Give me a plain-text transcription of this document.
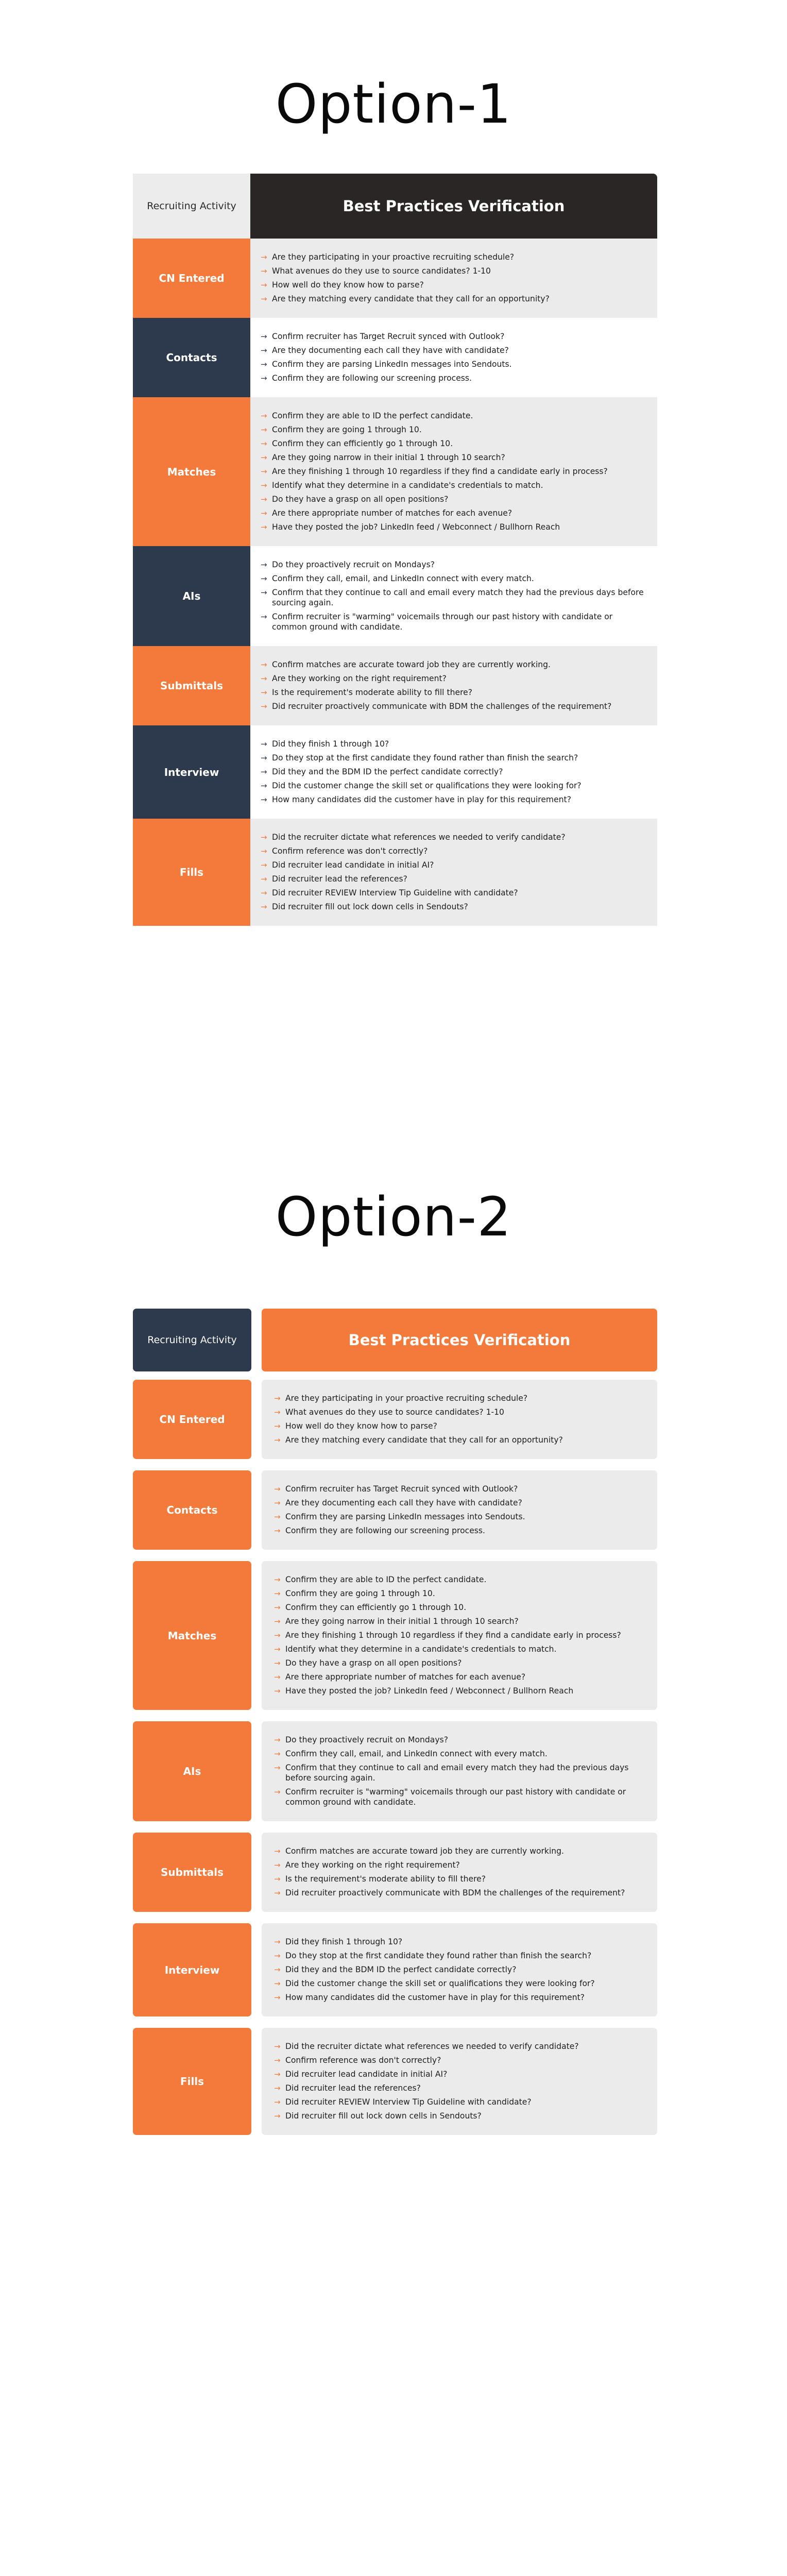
Option-1
Recruiting Activity	Best Practices Verification
CN Entered
→ Are they participating in your proactive recruiting schedule?
→ What avenues do they use to source candidates? 1-10
→ How well do they know how to parse?
→ Are they matching every candidate that they call for an opportunity?
Contacts
→ Confirm recruiter has Target Recruit synced with Outlook?
→ Are they documenting each call they have with candidate?
→ Confirm they are parsing LinkedIn messages into Sendouts.
→ Confirm they are following our screening process.
Matches
→ Confirm they are able to ID the perfect candidate.
→ Confirm they are going 1 through 10.
→ Confirm they can efficiently go 1 through 10.
→ Are they going narrow in their initial 1 through 10 search?
→ Are they finishing 1 through 10 regardless if they find a candidate early in process?
→ Identify what they determine in a candidate's credentials to match.
→ Do they have a grasp on all open positions?
→ Are there appropriate number of matches for each avenue?
→ Have they posted the job? LinkedIn feed / Webconnect / Bullhorn Reach
AIs
→ Do they proactively recruit on Mondays?
→ Confirm they call, email, and LinkedIn connect with every match.
→ Confirm that they continue to call and email every match they had the previous days before sourcing again.
→ Confirm recruiter is "warming" voicemails through our past history with candidate or common ground with candidate.
Submittals
→ Confirm matches are accurate toward job they are currently working.
→ Are they working on the right requirement?
→ Is the requirement's moderate ability to fill there?
→ Did recruiter proactively communicate with BDM the challenges of the requirement?
Interview
→ Did they finish 1 through 10?
→ Do they stop at the first candidate they found rather than finish the search?
→ Did they and the BDM ID the perfect candidate correctly?
→ Did the customer change the skill set or qualifications they were looking for?
→ How many candidates did the customer have in play for this requirement?
Fills
→ Did the recruiter dictate what references we needed to verify candidate?
→ Confirm reference was don't correctly?
→ Did recruiter lead candidate in initial AI?
→ Did recruiter lead the references?
→ Did recruiter REVIEW Interview Tip Guideline with candidate?
→ Did recruiter fill out lock down cells in Sendouts?
Option-2
Recruiting Activity	Best Practices Verification
CN Entered
→ Are they participating in your proactive recruiting schedule?
→ What avenues do they use to source candidates? 1-10
→ How well do they know how to parse?
→ Are they matching every candidate that they call for an opportunity?
Contacts
→ Confirm recruiter has Target Recruit synced with Outlook?
→ Are they documenting each call they have with candidate?
→ Confirm they are parsing LinkedIn messages into Sendouts.
→ Confirm they are following our screening process.
Matches
→ Confirm they are able to ID the perfect candidate.
→ Confirm they are going 1 through 10.
→ Confirm they can efficiently go 1 through 10.
→ Are they going narrow in their initial 1 through 10 search?
→ Are they finishing 1 through 10 regardless if they find a candidate early in process?
→ Identify what they determine in a candidate's credentials to match.
→ Do they have a grasp on all open positions?
→ Are there appropriate number of matches for each avenue?
→ Have they posted the job? LinkedIn feed / Webconnect / Bullhorn Reach
AIs
→ Do they proactively recruit on Mondays?
→ Confirm they call, email, and LinkedIn connect with every match.
→ Confirm that they continue to call and email every match they had the previous days before sourcing again.
→ Confirm recruiter is "warming" voicemails through our past history with candidate or common ground with candidate.
Submittals
→ Confirm matches are accurate toward job they are currently working.
→ Are they working on the right requirement?
→ Is the requirement's moderate ability to fill there?
→ Did recruiter proactively communicate with BDM the challenges of the requirement?
Interview
→ Did they finish 1 through 10?
→ Do they stop at the first candidate they found rather than finish the search?
→ Did they and the BDM ID the perfect candidate correctly?
→ Did the customer change the skill set or qualifications they were looking for?
→ How many candidates did the customer have in play for this requirement?
Fills
→ Did the recruiter dictate what references we needed to verify candidate?
→ Confirm reference was don't correctly?
→ Did recruiter lead candidate in initial AI?
→ Did recruiter lead the references?
→ Did recruiter REVIEW Interview Tip Guideline with candidate?
→ Did recruiter fill out lock down cells in Sendouts?
